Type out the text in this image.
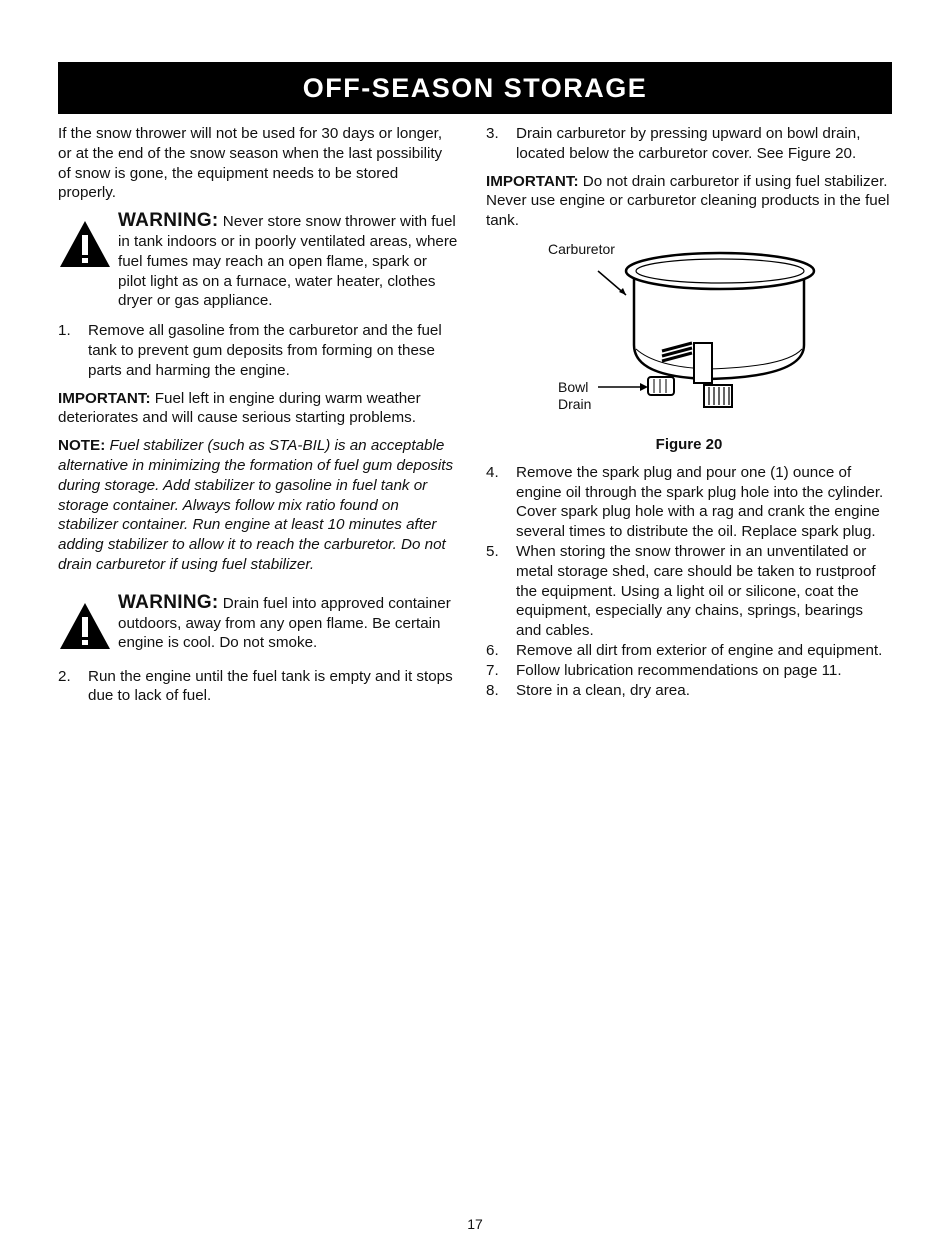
OFF-SEASON STORAGE

If the snow thrower will not be used for 30 days or longer, or at the end of the snow season when the last possibility of snow is gone, the equipment needs to be stored properly.

WARNING: Never store snow thrower with fuel in tank indoors or in poorly ventilated areas, where fuel fumes may reach an open flame, spark or pilot light as on a furnace, water heater, clothes dryer or gas appliance.
1.	Remove all gasoline from the carburetor and the fuel tank to prevent gum deposits from forming on these parts and harming the engine.

IMPORTANT: Fuel left in engine during warm weather deteriorates and will cause serious starting problems.

NOTE: Fuel stabilizer (such as STA-BIL) is an acceptable alternative in minimizing the formation of fuel gum deposits during storage. Add stabilizer to gasoline in fuel tank or storage container. Always follow mix ratio found on stabilizer container. Run engine at least 10 minutes after adding stabilizer to allow it to reach the carburetor. Do not drain carburetor if using fuel stabilizer.

WARNING: Drain fuel into approved container outdoors, away from any open flame. Be certain engine is cool. Do not smoke.
2.	Run the engine until the fuel tank is empty and it stops due to lack of fuel.
3.	Drain carburetor by pressing upward on bowl drain, located below the carburetor cover. See Figure 20.

IMPORTANT: Do not drain carburetor if using fuel stabilizer. Never use engine or carburetor cleaning products in the fuel tank.

Carburetor
Bowl
Drain

Figure 20

4.	Remove the spark plug and pour one (1) ounce of engine oil through the spark plug hole into the cylinder. Cover spark plug hole with a rag and crank the engine several times to distribute the oil. Replace spark plug.
5.	When storing the snow thrower in an unventilated or metal storage shed, care should be taken to rustproof the equipment. Using a light oil or silicone, coat the equipment, especially any chains, springs, bearings and cables.
6.	Remove all dirt from exterior of engine and equipment.
7.	Follow lubrication recommendations on page 11.
8.	Store in a clean, dry area.
17
